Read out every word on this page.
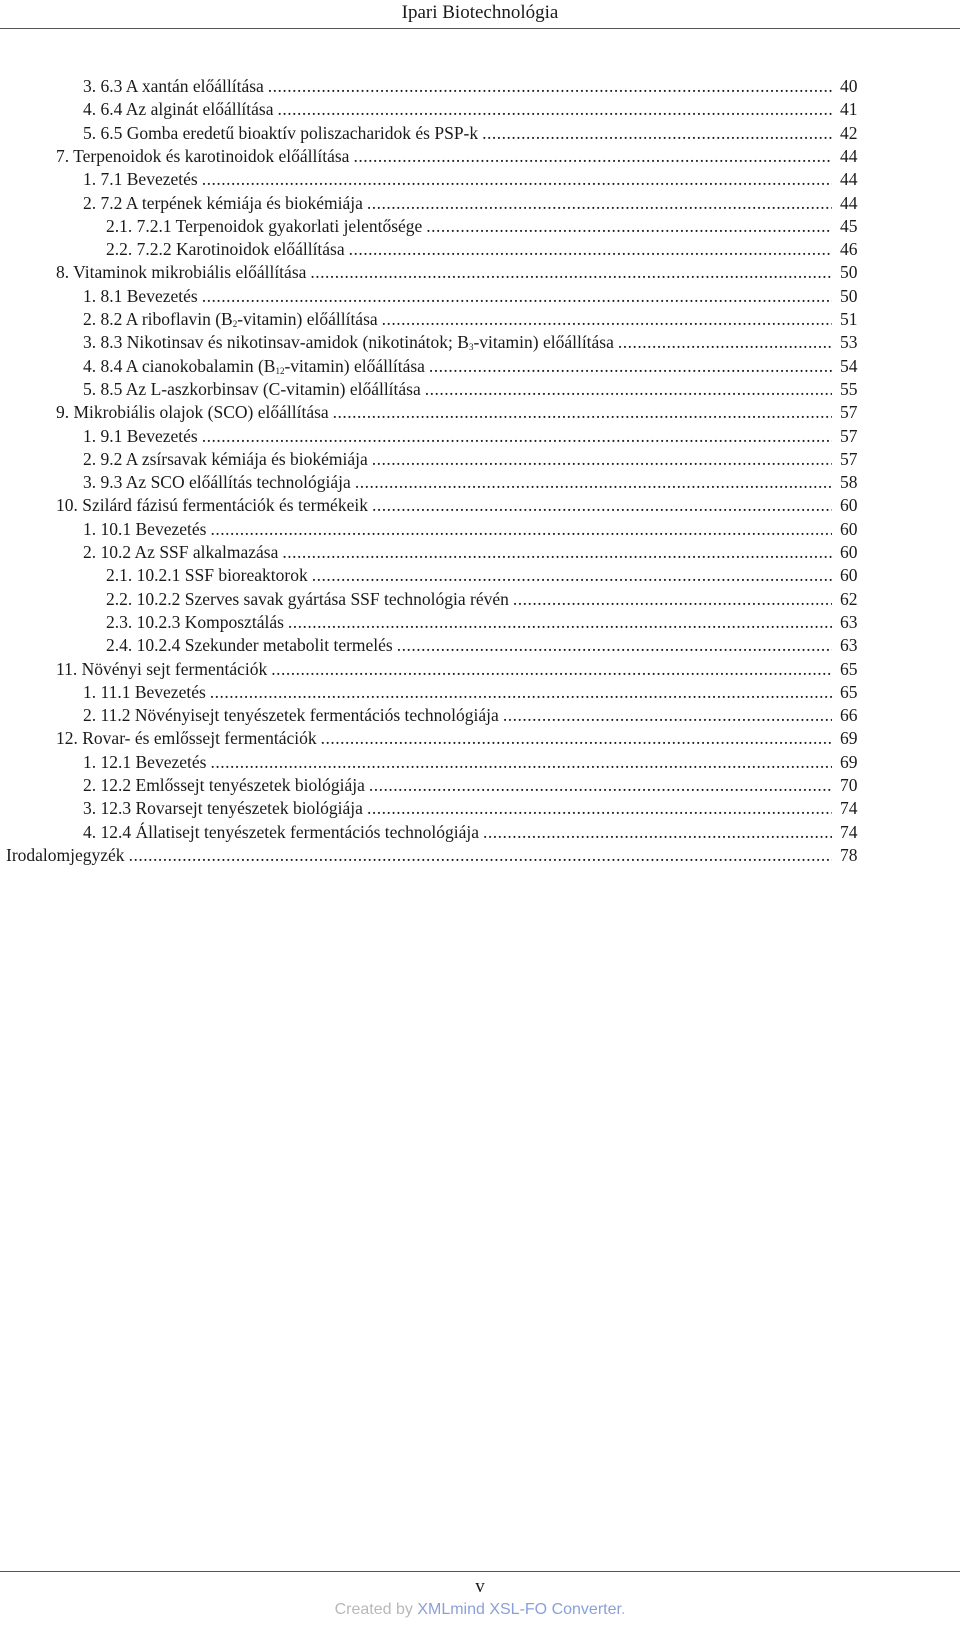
Ipari Biotechnológia
3. 6.3 A xantán előállítása .....	40
4. 6.4 Az alginát előállítása .....	41
5. 6.5 Gomba eredetű bioaktív poliszacharidok és PSP-k .....	42
7. Terpenoidok és karotinoidok előállítása .....	44
1. 7.1 Bevezetés .....	44
2. 7.2 A terpének kémiája és biokémiája .....	44
2.1. 7.2.1 Terpenoidok gyakorlati jelentősége .....	45
2.2. 7.2.2 Karotinoidok előállítása .....	46
8. Vitaminok mikrobiális előállítása .....	50
1. 8.1 Bevezetés .....	50
2. 8.2 A riboflavin $(B_2-vitamin)$ előállítása .....	51
3. 8.3 Nikotinsav és nikotinsav-amidok (nikotinátok; $B_3-vitamin$) előállítása .....	53
4. 8.4 A cianokobalamin $(B_{12}-vitamin)$ előállítása .....	54
5. 8.5 Az L-aszkorbinsav (C-vitamin) előállítása .....	55
9. Mikrobiális olajok (SCO) előállítása .....	57
1. 9.1 Bevezetés .....	57
2. 9.2 A zsírsavak kémiája és biokémiája .....	57
3. 9.3 Az SCO előállítás technológiája .....	58
10. Szilárd fázisú fermentációk és termékeik .....	60
1. 10.1 Bevezetés .....	60
2. 10.2 Az SSF alkalmazása .....	60
2.1. 10.2.1 SSF bioreaktorok .....	60
2.2. 10.2.2 Szerves savak gyártása SSF technológia révén .....	62
2.3. 10.2.3 Komposztálás .....	63
2.4. 10.2.4 Szekunder metabolit termelés .....	63
11. Növényi sejt fermentációk .....	65
1. 11.1 Bevezetés .....	65
2. 11.2 Növényisejt tenyészetek fermentációs technológiája .....	66
12. Rovar- és emlőssejt fermentációk .....	69
1. 12.1 Bevezetés .....	69
2. 12.2 Emlőssejt tenyészetek biológiája .....	70
3. 12.3 Rovarsejt tenyészetek biológiája .....	74
4. 12.4 Állatisejt tenyészetek fermentációs technológiája .....	74
Irodalomjegyzék .....	78
v
Created by XMLmind XSL-FO Converter.
